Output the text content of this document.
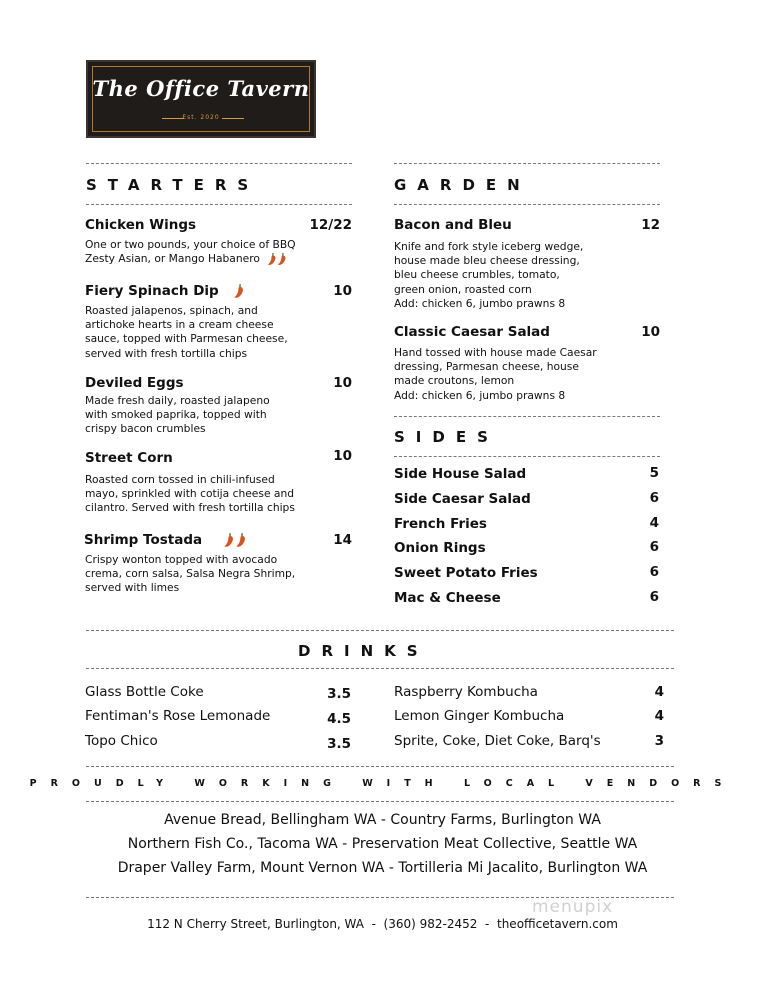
The Office Tavern
Est. 2020
STARTERS	GARDEN
SIDES
DRINKS
Chicken Wings	12/22
One or two pounds, your choice of BBQ
Zesty Asian, or Mango Habanero
Fiery Spinach Dip	10
Roasted jalapenos, spinach, and
artichoke hearts in a cream cheese
sauce, topped with Parmesan cheese,
served with fresh tortilla chips
Deviled Eggs	10
Made fresh daily, roasted jalapeno
with smoked paprika, topped with
crispy bacon crumbles
Street Corn	10
Roasted corn tossed in chili-infused
mayo, sprinkled with cotija cheese and
cilantro. Served with fresh tortilla chips
Shrimp Tostada	14
Crispy wonton topped with avocado
crema, corn salsa, Salsa Negra Shrimp,
served with limes
Bacon and Bleu	12
Knife and fork style iceberg wedge,
house made bleu cheese dressing,
bleu cheese crumbles, tomato,
green onion, roasted corn
Add: chicken 6, jumbo prawns 8
Classic Caesar Salad	10
Hand tossed with house made Caesar
dressing, Parmesan cheese, house
made croutons, lemon
Add: chicken 6, jumbo prawns 8
Side House Salad	5
Side Caesar Salad	6
French Fries	4
Onion Rings	6
Sweet Potato Fries	6
Mac & Cheese	6
Glass Bottle Coke	3.5
Fentiman's Rose Lemonade	4.5
Topo Chico	3.5
Raspberry Kombucha	4
Lemon Ginger Kombucha	4
Sprite, Coke, Diet Coke, Barq's	3
PROUDLY WORKING WITH LOCAL VENDORS
Avenue Bread, Bellingham WA - Country Farms, Burlington WA
Northern Fish Co., Tacoma WA - Preservation Meat Collective, Seattle WA
Draper Valley Farm, Mount Vernon WA - Tortilleria Mi Jacalito, Burlington WA
112 N Cherry Street, Burlington, WA  -  (360) 982-2452  -  theofficetavern.com
menupix
